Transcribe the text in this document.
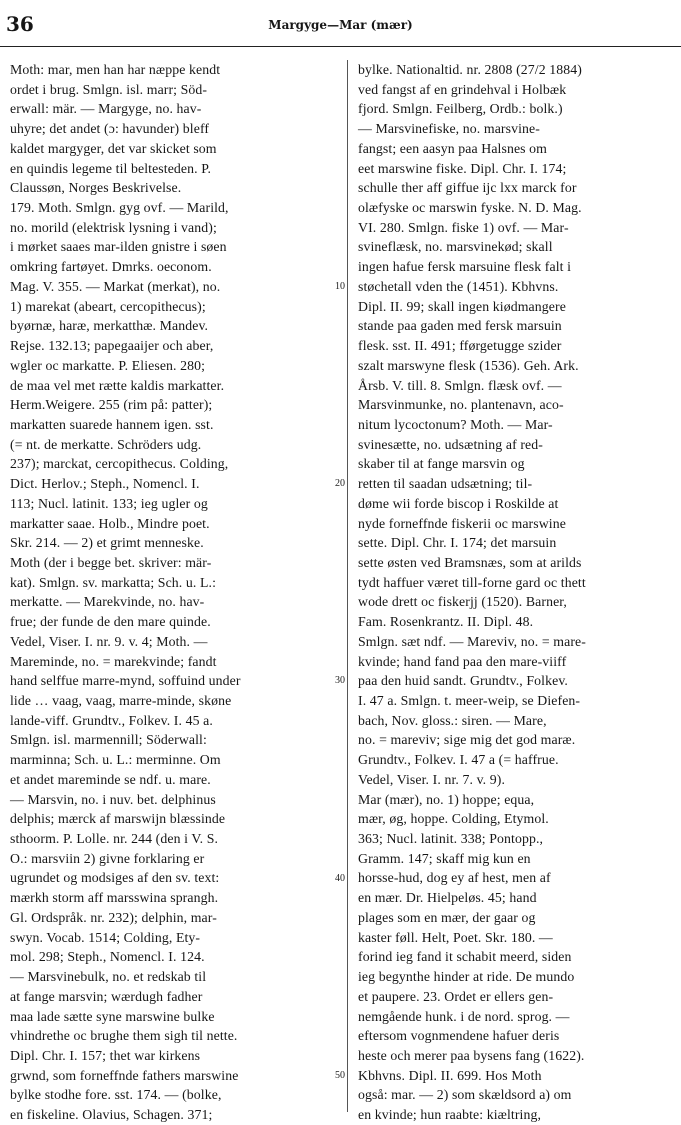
36	Margyge—Mar (mær)
Moth: mar, men han har næppe kendt
ordet i brug. Smlgn. isl. marr; Söd-
erwall: mär. — Margyge, no. hav-
uhyre; det andet (ɔ: havunder) bleff
kaldet margyger, det var skicket som
en quindis legeme til beltesteden. P.
Claussøn, Norges Beskrivelse.
179. Moth. Smlgn. gyg ovf. — Marild,
no. morild (elektrisk lysning i vand);
i mørket saaes mar-ilden gnistre i søen
omkring fartøyet. Dmrks. oeconom.
Mag. V. 355. — Markat (merkat), no.
1) marekat (abeart, cercopithecus);
byørnæ, haræ, merkatthæ. Mandev.
Rejse. 132.13; papegaaijer och aber,
wgler oc markatte. P. Eliesen. 280;
de maa vel met rætte kaldis markatter.
Herm.Weigere. 255 (rim på: patter);
markatten suarede hannem igen. sst.
(= nt. de merkatte. Schröders udg.
237); marckat, cercopithecus. Colding,
Dict. Herlov.; Steph., Nomencl. I.
113; Nucl. latinit. 133; ieg ugler og
markatter saae. Holb., Mindre poet.
Skr. 214. — 2) et grimt menneske.
Moth (der i begge bet. skriver: mär-
kat). Smlgn. sv. markatta; Sch. u. L.:
merkatte. — Marekvinde, no. hav-
frue; der funde de den mare quinde.
Vedel, Viser. I. nr. 9. v. 4; Moth. —
Mareminde, no. = marekvinde; fandt
hand selffue marre-mynd, soffuind under
lide … vaag, vaag, marre-minde, skøne
lande-viff. Grundtv., Folkev. I. 45 a.
Smlgn. isl. marmennill; Söderwall:
marminna; Sch. u. L.: merminne. Om
et andet mareminde se ndf. u. mare.
— Marsvin, no. i nuv. bet. delphinus
delphis; mærck af marswijn blæssinde
sthoorm. P. Lolle. nr. 244 (den i V. S.
O.: marsviin 2) givne forklaring er
ugrundet og modsiges af den sv. text:
mærkh storm aff marsswina sprangh.
Gl. Ordspråk. nr. 232); delphin, mar-
swyn. Vocab. 1514; Colding, Ety-
mol. 298; Steph., Nomencl. I. 124.
— Marsvinebulk, no. et redskab til
at fange marsvin; wærdugh fadher
maa lade sætte syne marswine bulke
vhindrethe oc brughe them sigh til nette.
Dipl. Chr. I. 157; thet war kirkens
grwnd, som forneffnde fathers marswine
bylke stodhe fore. sst. 174. — (bolke,
en fiskeline. Olavius, Schagen. 371;
bylke. Nationaltid. nr. 2808 (27/2 1884)
ved fangst af en grindehval i Holbæk
fjord. Smlgn. Feilberg, Ordb.: bolk.)
— Marsvinefiske, no. marsvine-
fangst; een aasyn paa Halsnes om
eet marswine fiske. Dipl. Chr. I. 174;
schulle ther aff giffue ijc lxx marck for
olæfyske oc marswin fyske. N. D. Mag.
VI. 280. Smlgn. fiske 1) ovf. — Mar-
svineflæsk, no. marsvinekød; skall
ingen hafue fersk marsuine flesk falt i
støchetall vden the (1451). Kbhvns.
Dipl. II. 99; skall ingen kiødmangere
stande paa gaden med fersk marsuin
flesk. sst. II. 491; fførgetugge szider
szalt marswyne flesk (1536). Geh. Ark.
Årsb. V. till. 8. Smlgn. flæsk ovf. —
Marsvinmunke, no. plantenavn, aco-
nitum lycoctonum? Moth. — Mar-
svinesætte, no. udsætning af red-
skaber til at fange marsvin og
retten til saadan udsætning; til-
døme wii forde biscop i Roskilde at
nyde forneffnde fiskerii oc marswine
sette. Dipl. Chr. I. 174; det marsuin
sette østen ved Bramsnæs, som at arilds
tydt haffuer været till-forne gard oc thett
wode drett oc fiskerjj (1520). Barner,
Fam. Rosenkrantz. II. Dipl. 48.
Smlgn. sæt ndf. — Mareviv, no. = mare-
kvinde; hand fand paa den mare-viiff
paa den huid sandt. Grundtv., Folkev.
I. 47 a. Smlgn. t. meer-weip, se Diefen-
bach, Nov. gloss.: siren. — Mare,
no. = mareviv; sige mig det god maræ.
Grundtv., Folkev. I. 47 a (= haffrue.
Vedel, Viser. I. nr. 7. v. 9).
Mar (mær), no. 1) hoppe; equa,
mær, øg, hoppe. Colding, Etymol.
363; Nucl. latinit. 338; Pontopp.,
Gramm. 147; skaff mig kun en
horsse-hud, dog ey af hest, men af
en mær. Dr. Hielpeløs. 45; hand
plages som en mær, der gaar og
kaster føll. Helt, Poet. Skr. 180. —
forind ieg fand it schabit meerd, siden
ieg begynthe hinder at ride. De mundo
et paupere. 23. Ordet er ellers gen-
nemgående hunk. i de nord. sprog. —
eftersom vognmendene hafuer deris
heste och merer paa bysens fang (1622).
Kbhvns. Dipl. II. 699. Hos Moth
også: mar. — 2) som skældsord a) om
en kvinde; hun raabte: kiæltring,
10
20
30
40
50
